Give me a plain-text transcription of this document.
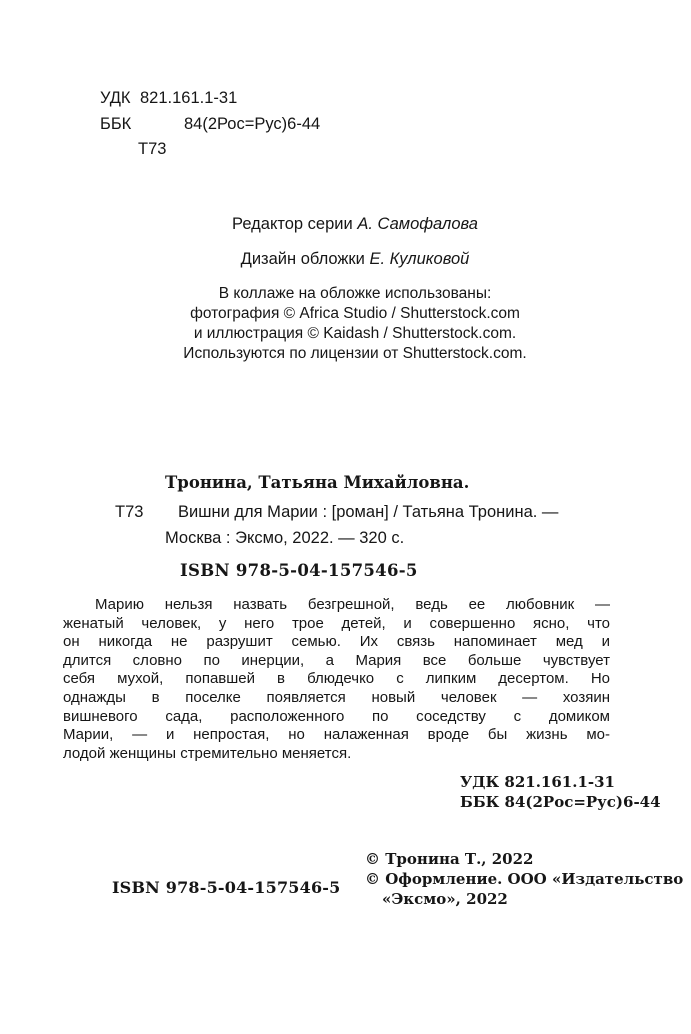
УДК 821.161.1-31
ББК	84(2Рос=Рус)6-44
Т73
Редактор серии А. Самофалова
Дизайн обложки Е. Куликовой
В коллаже на обложке использованы:
фотография © Africa Studio / Shutterstock.com
и иллюстрация © Kaidash / Shutterstock.com.
Используются по лицензии от Shutterstock.com.
Тронина, Татьяна Михайловна.
Т73	Вишни для Марии : [роман] / Татьяна Тронина. —
Москва : Эксмо, 2022. — 320 с.
ISBN 978-5-04-157546-5
Марию нельзя назвать безгрешной, ведь ее любовник —
женатый человек, у него трое детей, и совершенно ясно, что
он никогда не разрушит семью. Их связь напоминает мед и
длится словно по инерции, а Мария все больше чувствует
себя мухой, попавшей в блюдечко с липким десертом. Но
однажды в поселке появляется новый человек — хозяин
вишневого сада, расположенного по соседству с домиком
Марии, — и непростая, но налаженная вроде бы жизнь мо-
лодой женщины стремительно меняется.
УДК 821.161.1-31
ББК 84(2Рос=Рус)6-44
ISBN 978-5-04-157546-5
© Тронина Т., 2022
© Оформление. ООО «Издательство
«Эксмо», 2022
